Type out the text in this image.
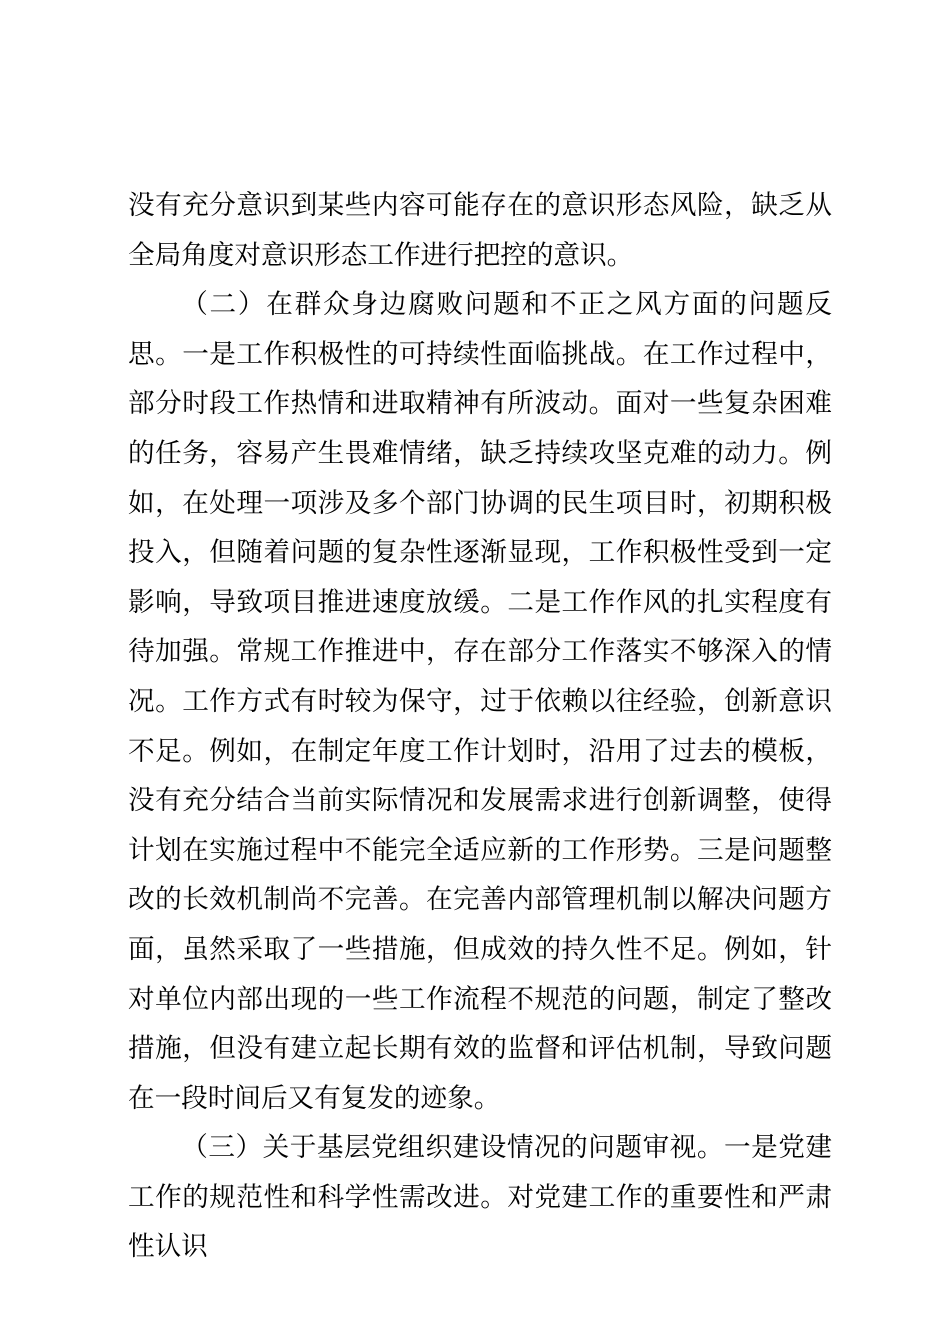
没有充分意识到某些内容可能存在的意识形态风险，缺乏从全局角度对意识形态工作进行把控的意识。

（二）在群众身边腐败问题和不正之风方面的问题反思。一是工作积极性的可持续性面临挑战。在工作过程中，部分时段工作热情和进取精神有所波动。面对一些复杂困难的任务，容易产生畏难情绪，缺乏持续攻坚克难的动力。例如，在处理一项涉及多个部门协调的民生项目时，初期积极投入，但随着问题的复杂性逐渐显现，工作积极性受到一定影响，导致项目推进速度放缓。二是工作作风的扎实程度有待加强。常规工作推进中，存在部分工作落实不够深入的情况。工作方式有时较为保守，过于依赖以往经验，创新意识不足。例如，在制定年度工作计划时，沿用了过去的模板，没有充分结合当前实际情况和发展需求进行创新调整，使得计划在实施过程中不能完全适应新的工作形势。三是问题整改的长效机制尚不完善。在完善内部管理机制以解决问题方面，虽然采取了一些措施，但成效的持久性不足。例如，针对单位内部出现的一些工作流程不规范的问题，制定了整改措施，但没有建立起长期有效的监督和评估机制，导致问题在一段时间后又有复发的迹象。

（三）关于基层党组织建设情况的问题审视。一是党建工作的规范性和科学性需改进。对党建工作的重要性和严肃性认识
